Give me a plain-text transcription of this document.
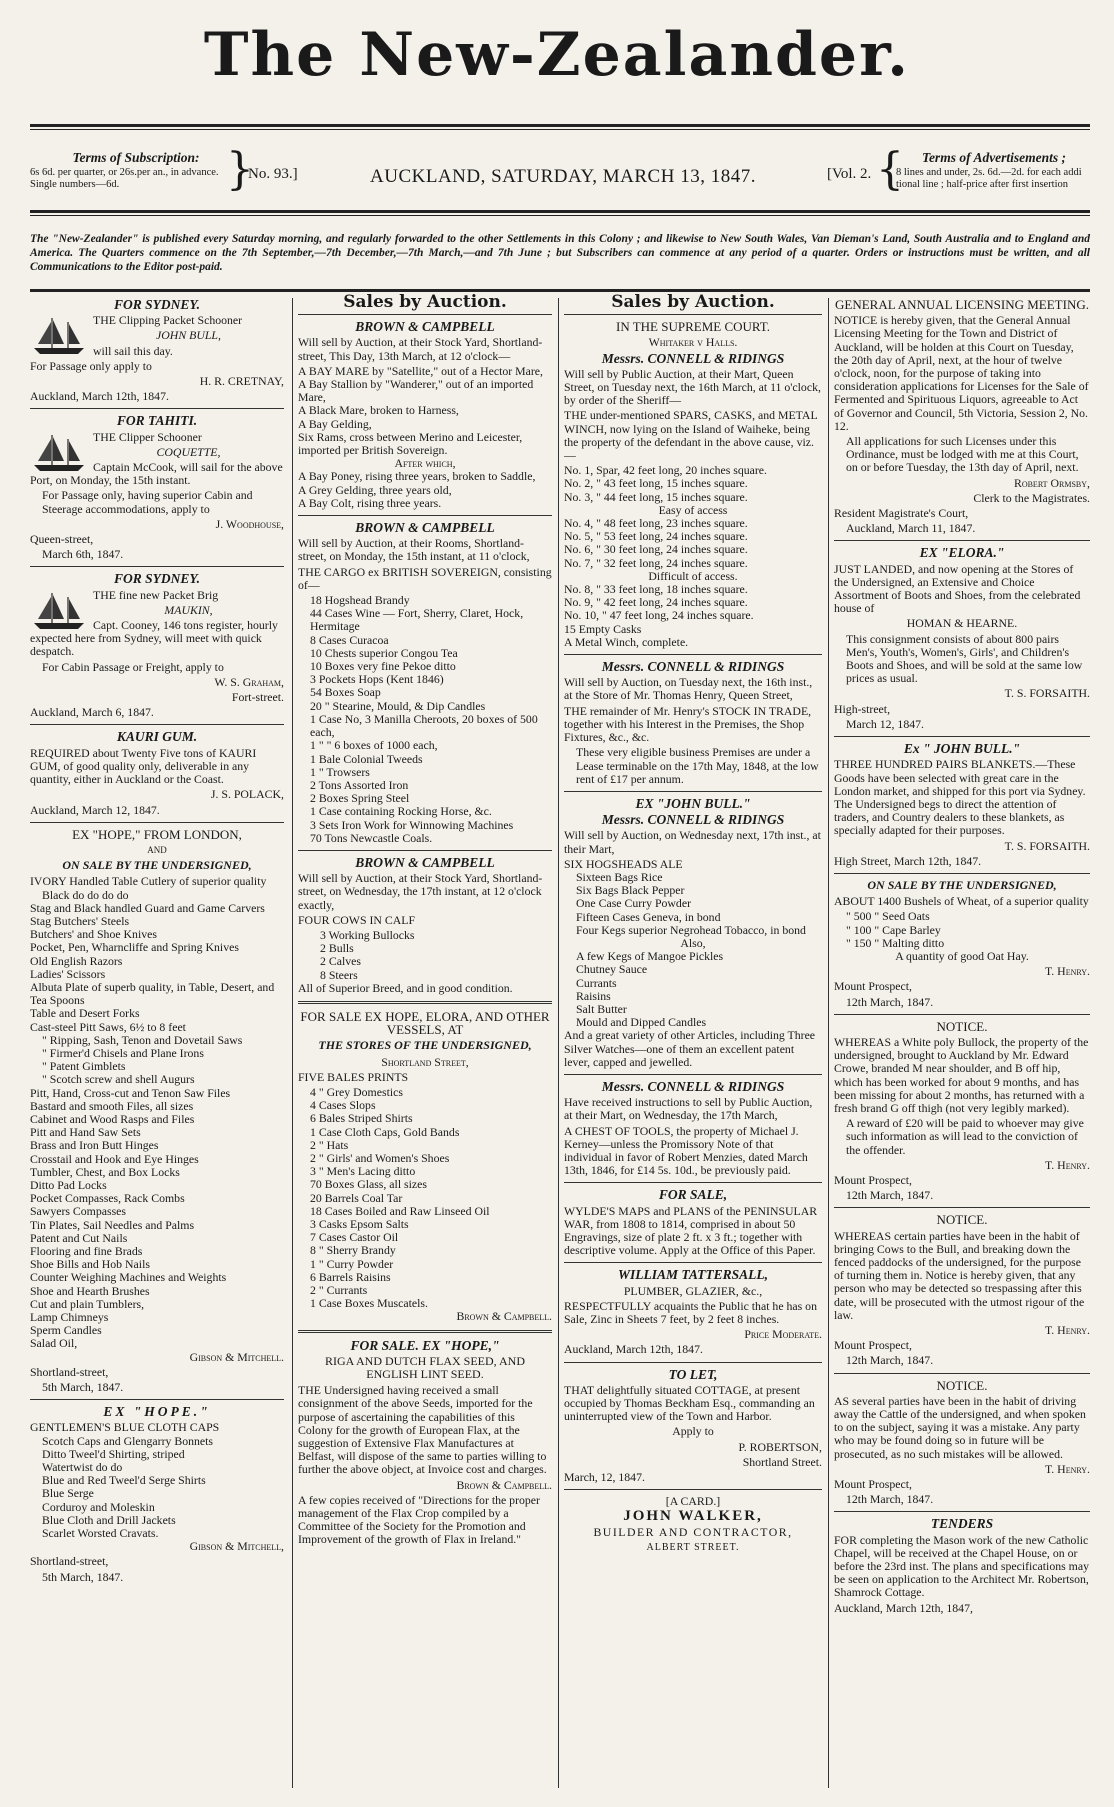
The New-Zealander.
Terms of Subscription:
6s 6d. per quarter, or 26s.per an., in advance.
Single numbers—6d.	}
No. 93.]	AUCKLAND, SATURDAY, MARCH 13, 1847.	[Vol. 2. {	Terms of Advertisements ;
8 lines and under, 2s. 6d.—2d. for each addi
tional line ; half-price after first insertion
The "New-Zealander" is published every Saturday morning, and regularly forwarded to the other Settlements in this Colony ; and likewise to New South Wales, Van Dieman's Land, South Australia and to England and America. The Quarters commence on the 7th September,—7th December,—7th March,—and 7th June ; but Subscribers can commence at any period of a quarter. Orders or instructions must be written, and all Communications to the Editor post-paid.
FOR SYDNEY.

THE Clipping Packet Schooner

JOHN BULL,

will sail this day.

For Passage only apply to

H. R. CRETNAY,

Auckland, March 12th, 1847.

FOR TAHITI.

THE Clipper Schooner

COQUETTE,

Captain McCook, will sail for the above Port, on Monday, the 15th instant.

For Passage only, having superior Cabin and Steerage accommodations, apply to

J. Woodhouse,

Queen-street,

March 6th, 1847.

FOR SYDNEY.

THE fine new Packet Brig

MAUKIN,

Capt. Cooney, 146 tons register, hourly expected here from Sydney, will meet with quick despatch.

For Cabin Passage or Freight, apply to

W. S. Graham,

Fort-street.

Auckland, March 6, 1847.

KAURI GUM.

REQUIRED about Twenty Five tons of KAURI GUM, of good quality only, deliverable in any quantity, either in Auckland or the Coast.

J. S. POLACK,

Auckland, March 12, 1847.

EX "HOPE," FROM LONDON,

AND

ON SALE BY THE UNDERSIGNED,
IVORY Handled Table Cutlery of superior quality
Black do do do do
Stag and Black handled Guard and Game Carvers
Stag Butchers' Steels
Butchers' and Shoe Knives
Pocket, Pen, Wharncliffe and Spring Knives
Old English Razors
Ladies' Scissors
Albuta Plate of superb quality, in Table, Desert, and Tea Spoons
Table and Desert Forks
Cast-steel Pitt Saws, 6½ to 8 feet
" Ripping, Sash, Tenon and Dovetail Saws
" Firmer'd Chisels and Plane Irons
" Patent Gimblets
" Scotch screw and shell Augurs
Pitt, Hand, Cross-cut and Tenon Saw Files
Bastard and smooth Files, all sizes
Cabinet and Wood Rasps and Files
Pitt and Hand Saw Sets
Brass and Iron Butt Hinges
Crosstail and Hook and Eye Hinges
Tumbler, Chest, and Box Locks
Ditto Pad Locks
Pocket Compasses, Rack Combs
Sawyers Compasses
Tin Plates, Sail Needles and Palms
Patent and Cut Nails
Flooring and fine Brads
Shoe Bills and Hob Nails
Counter Weighing Machines and Weights
Shoe and Hearth Brushes
Cut and plain Tumblers,
Lamp Chimneys
Sperm Candles
Salad Oil,

Gibson & Mitchell.

Shortland-street,

5th March, 1847.

EX "HOPE."
GENTLEMEN'S BLUE CLOTH CAPS
Scotch Caps and Glengarry Bonnets
Ditto Tweel'd Shirting, striped
Watertwist do do
Blue and Red Tweel'd Serge Shirts
Blue Serge
Corduroy and Moleskin
Blue Cloth and Drill Jackets
Scarlet Worsted Cravats.

Gibson & Mitchell,

Shortland-street,

5th March, 1847.

Sales by Auction.
BROWN & CAMPBELL

Will sell by Auction, at their Stock Yard, Shortland-street, This Day, 13th March, at 12 o'clock—

A BAY MARE by "Satellite," out of a Hector Mare,
A Bay Stallion by "Wanderer," out of an imported Mare,
A Black Mare, broken to Harness,
A Bay Gelding,
Six Rams, cross between Merino and Leicester, imported per British Sovereign.
After which,
A Bay Poney, rising three years, broken to Saddle,
A Grey Gelding, three years old,
A Bay Colt, rising three years.
BROWN & CAMPBELL

Will sell by Auction, at their Rooms, Shortland-street, on Monday, the 15th instant, at 11 o'clock,

THE CARGO ex BRITISH SOVEREIGN, consisting of—

18 Hogshead Brandy
44 Cases Wine — Fort, Sherry, Claret, Hock, Hermitage
8 Cases Curacoa
10 Chests superior Congou Tea
10 Boxes very fine Pekoe ditto
3 Pockets Hops (Kent 1846)
54 Boxes Soap
20 " Stearine, Mould, & Dip Candles
1 Case No, 3 Manilla Cheroots, 20 boxes of 500 each,
1 " " 6 boxes of 1000 each,
1 Bale Colonial Tweeds
1 " Trowsers
2 Tons Assorted Iron
2 Boxes Spring Steel
1 Case containing Rocking Horse, &c.
3 Sets Iron Work for Winnowing Machines
70 Tons Newcastle Coals.
BROWN & CAMPBELL

Will sell by Auction, at their Stock Yard, Shortland-street, on Wednesday, the 17th instant, at 12 o'clock exactly,

FOUR COWS IN CALF

3 Working Bullocks
2 Bulls
2 Calves
8 Steers

All of Superior Breed, and in good condition.

FOR SALE EX HOPE, ELORA, AND OTHER VESSELS, AT
THE STORES OF THE UNDERSIGNED,

Shortland Street,

FIVE BALES PRINTS

4 " Grey Domestics
4 Cases Slops
6 Bales Striped Shirts
1 Case Cloth Caps, Gold Bands
2 " Hats
2 " Girls' and Women's Shoes
3 " Men's Lacing ditto
70 Boxes Glass, all sizes
20 Barrels Coal Tar
18 Cases Boiled and Raw Linseed Oil
3 Casks Epsom Salts
7 Cases Castor Oil
8 " Sherry Brandy
1 " Curry Powder
6 Barrels Raisins
2 " Currants
1 Case Boxes Muscatels.

Brown & Campbell.

FOR SALE. EX "HOPE,"
RIGA AND DUTCH FLAX SEED, AND ENGLISH LINT SEED.

THE Undersigned having received a small consignment of the above Seeds, imported for the purpose of ascertaining the capabilities of this Colony for the growth of European Flax, at the suggestion of Extensive Flax Manufactures at Belfast, will dispose of the same to parties willing to further the above object, at Invoice cost and charges.

Brown & Campbell.

A few copies received of "Directions for the proper management of the Flax Crop compiled by a Committee of the Society for the Promotion and Improvement of the growth of Flax in Ireland."

Sales by Auction.
IN THE SUPREME COURT.

Whitaker v Halls.

Messrs. CONNELL & RIDINGS

Will sell by Public Auction, at their Mart, Queen Street, on Tuesday next, the 16th March, at 11 o'clock, by order of the Sheriff—

THE under-mentioned SPARS, CASKS, and METAL WINCH, now lying on the Island of Waiheke, being the property of the defendant in the above cause, viz.—

No. 1, Spar, 42 feet long, 20 inches square.
No. 2, " 43 feet long, 15 inches square.
No. 3, " 44 feet long, 15 inches square.
Easy of access
No. 4, " 48 feet long, 23 inches square.
No. 5, " 53 feet long, 24 inches square.
No. 6, " 30 feet long, 24 inches square.
No. 7, " 32 feet long, 24 inches square.
Difficult of access.
No. 8, " 33 feet long, 18 inches square.
No. 9, " 42 feet long, 24 inches square.
No. 10, " 47 feet long, 24 inches square.
15 Empty Casks
A Metal Winch, complete.
Messrs. CONNELL & RIDINGS

Will sell by Auction, on Tuesday next, the 16th inst., at the Store of Mr. Thomas Henry, Queen Street,

THE remainder of Mr. Henry's STOCK IN TRADE, together with his Interest in the Premises, the Shop Fixtures, &c., &c.

These very eligible business Premises are under a Lease terminable on the 17th May, 1848, at the low rent of £17 per annum.

EX "JOHN BULL."
Messrs. CONNELL & RIDINGS

Will sell by Auction, on Wednesday next, 17th inst., at their Mart,

SIX HOGSHEADS ALE
Sixteen Bags Rice
Six Bags Black Pepper
One Case Curry Powder
Fifteen Cases Geneva, in bond
Four Kegs superior Negrohead Tobacco, in bond
Also,
A few Kegs of Mangoe Pickles
Chutney Sauce
Currants
Raisins
Salt Butter
Mould and Dipped Candles

And a great variety of other Articles, including Three Silver Watches—one of them an excellent patent lever, capped and jewelled.

Messrs. CONNELL & RIDINGS

Have received instructions to sell by Public Auction, at their Mart, on Wednesday, the 17th March,

A CHEST OF TOOLS, the property of Michael J. Kerney—unless the Promissory Note of that individual in favor of Robert Menzies, dated March 13th, 1846, for £14 5s. 10d., be previously paid.

FOR SALE,

WYLDE'S MAPS and PLANS of the PENINSULAR WAR, from 1808 to 1814, comprised in about 50 Engravings, size of plate 2 ft. x 3 ft.; together with descriptive volume. Apply at the Office of this Paper.

WILLIAM TATTERSALL,

PLUMBER, GLAZIER, &c.,

RESPECTFULLY acquaints the Public that he has on Sale, Zinc in Sheets 7 feet, by 2 feet 8 inches.

Price Moderate.

Auckland, March 12th, 1847.

TO LET,

THAT delightfully situated COTTAGE, at present occupied by Thomas Beckham Esq., commanding an uninterrupted view of the Town and Harbor.

Apply to

P. ROBERTSON,

Shortland Street.

March, 12, 1847.

[A CARD.]

JOHN WALKER,

BUILDER AND CONTRACTOR,

ALBERT STREET.

GENERAL ANNUAL LICENSING MEETING.

NOTICE is hereby given, that the General Annual Licensing Meeting for the Town and District of Auckland, will be holden at this Court on Tuesday, the 20th day of April, next, at the hour of twelve o'clock, noon, for the purpose of taking into consideration applications for Licenses for the Sale of Fermented and Spirituous Liquors, agreeable to Act of Governor and Council, 5th Victoria, Session 2, No. 12.

All applications for such Licenses under this Ordinance, must be lodged with me at this Court, on or before Tuesday, the 13th day of April, next.

Robert Ormsby,

Clerk to the Magistrates.

Resident Magistrate's Court,

Auckland, March 11, 1847.

EX "ELORA."

JUST LANDED, and now opening at the Stores of the Undersigned, an Extensive and Choice Assortment of Boots and Shoes, from the celebrated house of

HOMAN & HEARNE.

This consignment consists of about 800 pairs Men's, Youth's, Women's, Girls', and Children's Boots and Shoes, and will be sold at the same low prices as usual.

T. S. FORSAITH.

High-street,

March 12, 1847.

Ex " JOHN BULL."

THREE HUNDRED PAIRS BLANKETS.—These Goods have been selected with great care in the London market, and shipped for this port via Sydney. The Undersigned begs to direct the attention of traders, and Country dealers to these blankets, as specially adapted for their purposes.

T. S. FORSAITH.

High Street, March 12th, 1847.

ON SALE BY THE UNDERSIGNED,

ABOUT 1400 Bushels of Wheat, of a superior quality

" 500 " Seed Oats
" 100 " Cape Barley
" 150 " Malting ditto

A quantity of good Oat Hay.

T. Henry.

Mount Prospect,

12th March, 1847.

NOTICE.

WHEREAS a White poly Bullock, the property of the undersigned, brought to Auckland by Mr. Edward Crowe, branded M near shoulder, and B off hip, which has been worked for about 9 months, and has been missing for about 2 months, has returned with a fresh brand G off thigh (not very legibly marked).

A reward of £20 will be paid to whoever may give such information as will lead to the conviction of the offender.

T. Henry.

Mount Prospect,

12th March, 1847.

NOTICE.

WHEREAS certain parties have been in the habit of bringing Cows to the Bull, and breaking down the fenced paddocks of the undersigned, for the purpose of turning them in. Notice is hereby given, that any person who may be detected so trespassing after this date, will be prosecuted with the utmost rigour of the law.

T. Henry.

Mount Prospect,

12th March, 1847.

NOTICE.

AS several parties have been in the habit of driving away the Cattle of the undersigned, and when spoken to on the subject, saying it was a mistake. Any party who may be found doing so in future will be prosecuted, as no such mistakes will be allowed.

T. Henry.

Mount Prospect,

12th March, 1847.

TENDERS

FOR completing the Mason work of the new Catholic Chapel, will be received at the Chapel House, on or before the 23rd inst. The plans and specifications may be seen on application to the Architect Mr. Robertson, Shamrock Cottage.

Auckland, March 12th, 1847,
